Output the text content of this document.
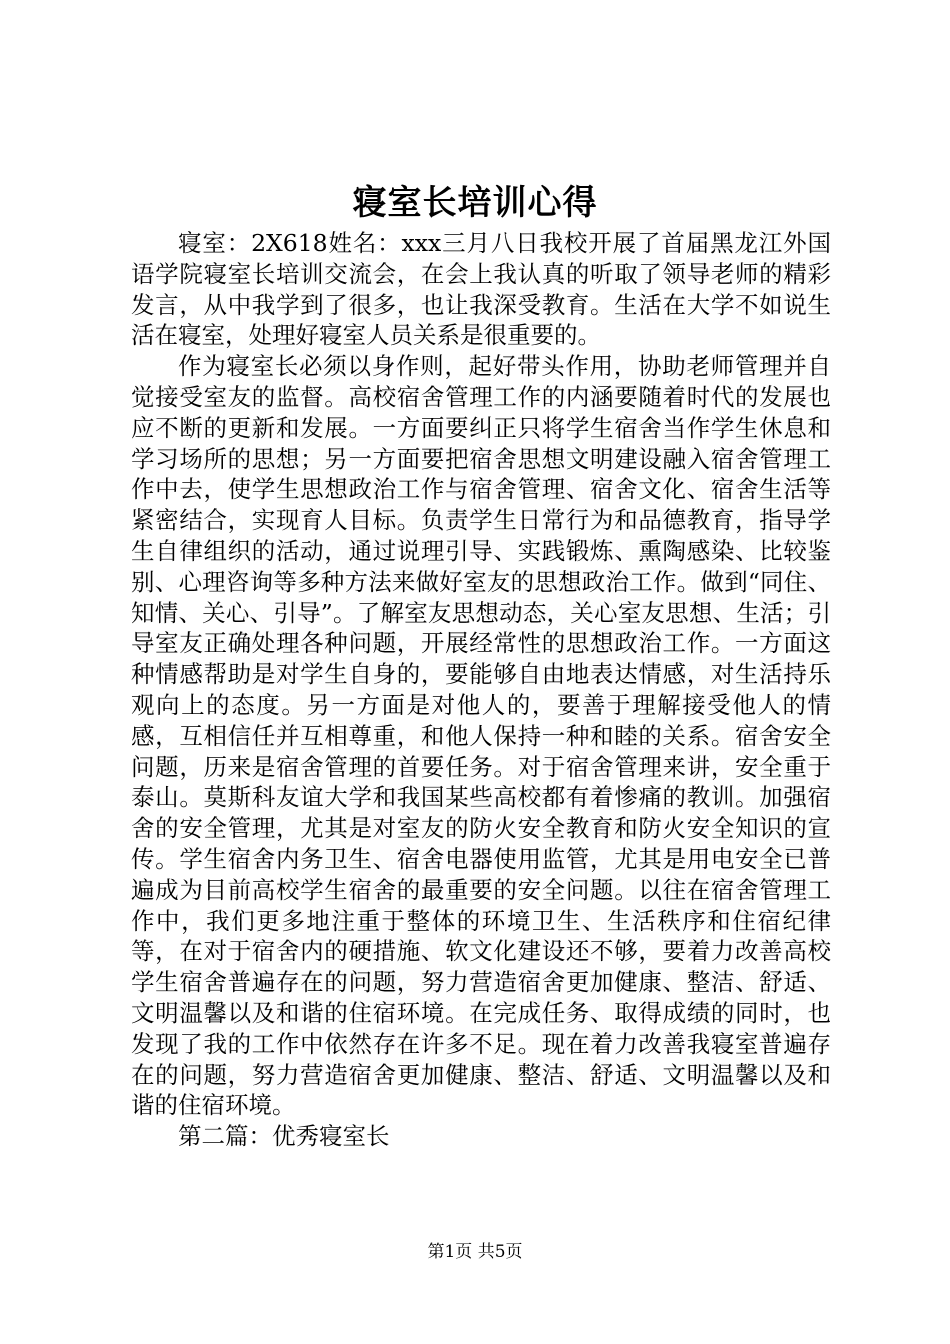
寝室长培训心得

寝室：2X618姓名：xxx三月八日我校开展了首届黑龙江外国语学院寝室长培训交流会，在会上我认真的听取了领导老师的精彩发言，从中我学到了很多，也让我深受教育。生活在大学不如说生活在寝室，处理好寝室人员关系是很重要的。

作为寝室长必须以身作则，起好带头作用，协助老师管理并自觉接受室友的监督。高校宿舍管理工作的内涵要随着时代的发展也应不断的更新和发展。一方面要纠正只将学生宿舍当作学生休息和学习场所的思想；另一方面要把宿舍思想文明建设融入宿舍管理工作中去，使学生思想政治工作与宿舍管理、宿舍文化、宿舍生活等紧密结合，实现育人目标。负责学生日常行为和品德教育，指导学生自律组织的活动，通过说理引导、实践锻炼、熏陶感染、比较鉴别、心理咨询等多种方法来做好室友的思想政治工作。做到“同住、知情、关心、引导”。了解室友思想动态，关心室友思想、生活；引导室友正确处理各种问题，开展经常性的思想政治工作。一方面这种情感帮助是对学生自身的，要能够自由地表达情感，对生活持乐观向上的态度。另一方面是对他人的，要善于理解接受他人的情感，互相信任并互相尊重，和他人保持一种和睦的关系。宿舍安全问题，历来是宿舍管理的首要任务。对于宿舍管理来讲，安全重于泰山。莫斯科友谊大学和我国某些高校都有着惨痛的教训。加强宿舍的安全管理，尤其是对室友的防火安全教育和防火安全知识的宣传。学生宿舍内务卫生、宿舍电器使用监管，尤其是用电安全已普遍成为目前高校学生宿舍的最重要的安全问题。以往在宿舍管理工作中，我们更多地注重于整体的环境卫生、生活秩序和住宿纪律等，在对于宿舍内的硬措施、软文化建设还不够，要着力改善高校学生宿舍普遍存在的问题，努力营造宿舍更加健康、整洁、舒适、文明温馨以及和谐的住宿环境。在完成任务、取得成绩的同时，也发现了我的工作中依然存在许多不足。现在着力改善我寝室普遍存在的问题，努力营造宿舍更加健康、整洁、舒适、文明温馨以及和谐的住宿环境。

第二篇：优秀寝室长

第1页 共5页
